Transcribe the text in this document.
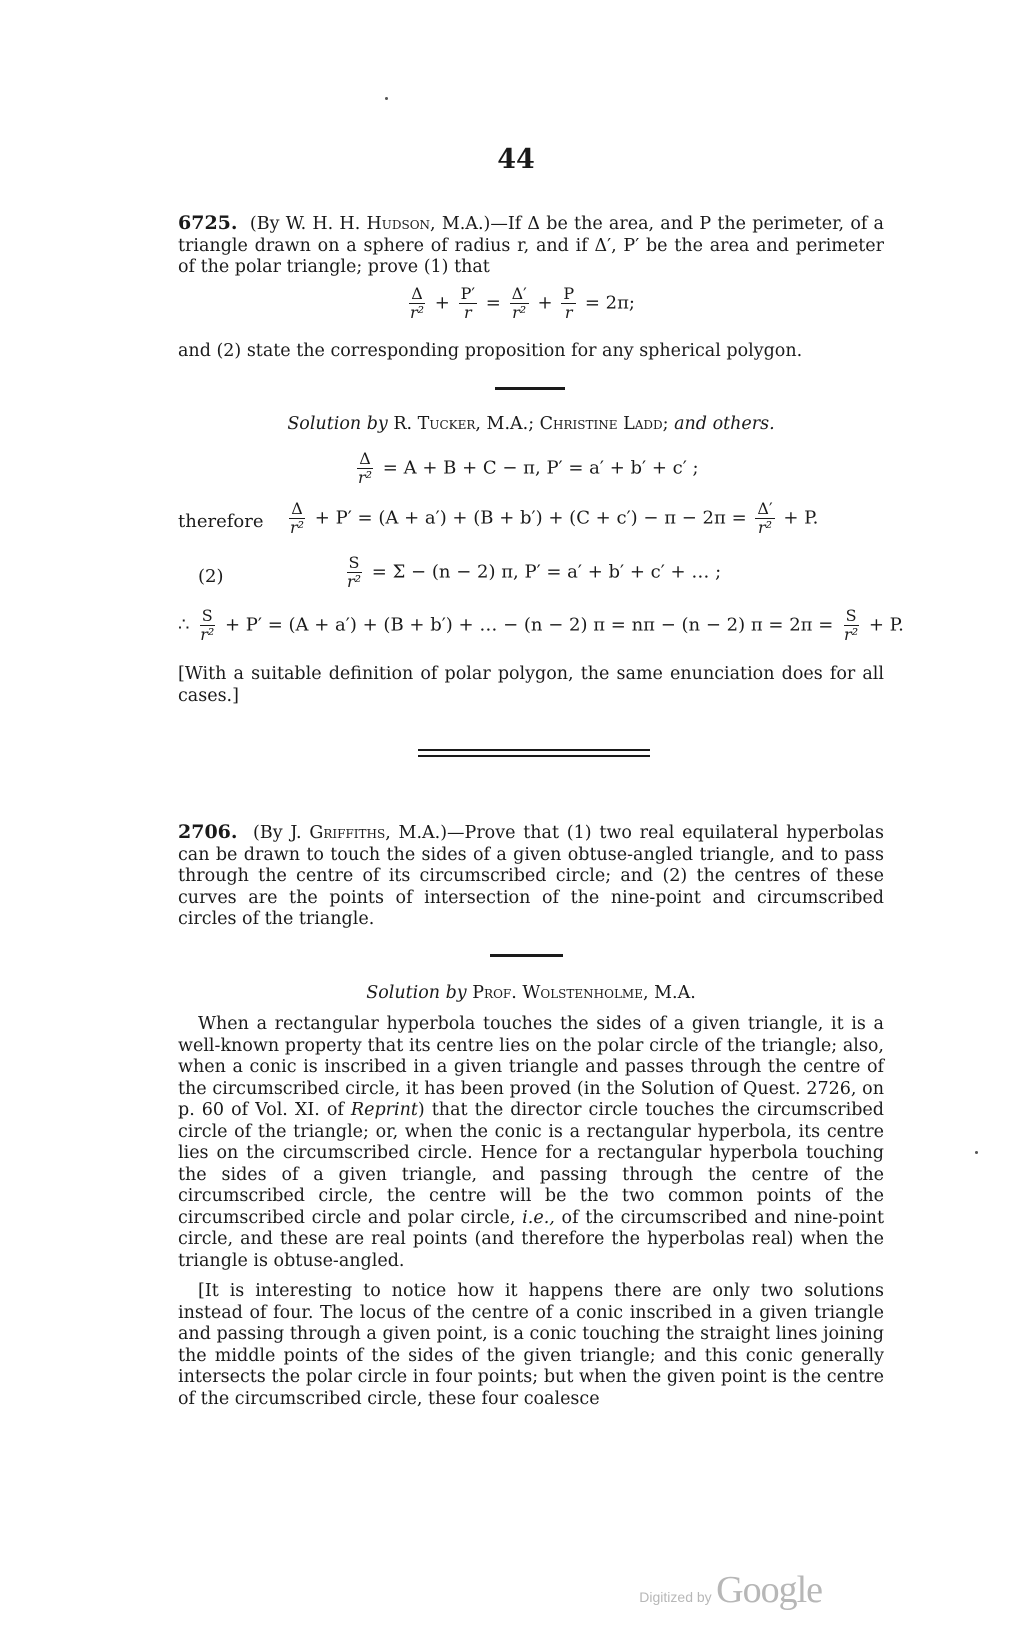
44
6725. (By W. H. H. Hudson, M.A.)—If Δ be the area, and P the perimeter, of a triangle drawn on a sphere of radius r, and if Δ′, P′ be the area and perimeter of the polar triangle; prove (1) that
$\frac{\Delta}{\text{r²}} + \frac{P'}{r} = \frac{\Delta'}{\text{r²}} + \frac{P}{r} = 2\pi$;
and (2) state the corresponding proposition for any spherical polygon.
Solution by R. Tucker, M.A.; Christine Ladd; and others.
$\frac{\Delta}{\text{r²}} = A + B + C - \pi$, P′ = a′ + b′ + c′ ;
therefore $\frac{\Delta}{\text{r²}} + P' = (A + a') + (B + b') + (C + c') - \pi - 2\pi = \frac{\Delta'}{\text{r²}} + P$.
(2)	$\frac{S}{\text{r²}} = \Sigma - (n - 2)$ π, P′ = a′ + b′ + c′ + … ;
∴ $\frac{S}{\text{r²}} + P' = (A + a') + (B + b')$ + … − (n − 2) π = nπ − (n − 2) $\pi = 2\pi = \frac{S}{\text{r²}} + P$.
[With a suitable definition of polar polygon, the same enunciation does for all cases.]
2706. (By J. Griffiths, M.A.)—Prove that (1) two real equilateral hyperbolas can be drawn to touch the sides of a given obtuse-angled triangle, and to pass through the centre of its circumscribed circle; and (2) the centres of these curves are the points of intersection of the nine-point and circumscribed circles of the triangle.
Solution by Prof. Wolstenholme, M.A.
When a rectangular hyperbola touches the sides of a given triangle, it is a well-known property that its centre lies on the polar circle of the triangle; also, when a conic is inscribed in a given triangle and passes through the centre of the circumscribed circle, it has been proved (in the Solution of Quest. 2726, on p. 60 of Vol. XI. of Reprint) that the director circle touches the circumscribed circle of the triangle; or, when the conic is a rectangular hyperbola, its centre lies on the circumscribed circle. Hence for a rectangular hyperbola touching the sides of a given triangle, and passing through the centre of the circumscribed circle, the centre will be the two common points of the circumscribed circle and polar circle, i.e., of the circumscribed and nine-point circle, and these are real points (and therefore the hyperbolas real) when the triangle is obtuse-angled.
[It is interesting to notice how it happens there are only two solutions instead of four. The locus of the centre of a conic inscribed in a given triangle and passing through a given point, is a conic touching the straight lines joining the middle points of the sides of the given triangle; and this conic generally intersects the polar circle in four points; but when the given point is the centre of the circumscribed circle, these four coalesce
Digitized by Google
